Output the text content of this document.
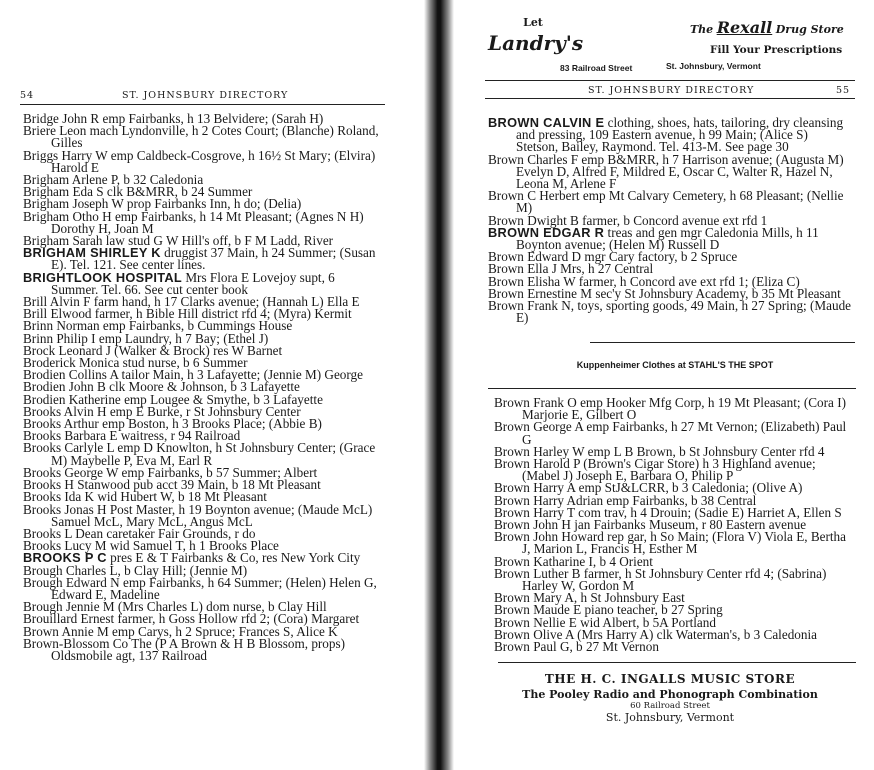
54	ST. JOHNSBURY DIRECTORY

Bridge John R emp Fairbanks, h 13 Belvidere; (Sarah H)

Briere Leon mach Lyndonville, h 2 Cotes Court; (Blanche) Roland, Gilles

Briggs Harry W emp Caldbeck-Cosgrove, h 16½ St Mary; (Elvira) Harold E

Brigham Arlene P, b 32 Caledonia

Brigham Eda S clk B&MRR, b 24 Summer

Brigham Joseph W prop Fairbanks Inn, h do; (Delia)

Brigham Otho H emp Fairbanks, h 14 Mt Pleasant; (Agnes N H) Dorothy H, Joan M

Brigham Sarah law stud G W Hill's off, b F M Ladd, River

BRIGHAM SHIRLEY K druggist 37 Main, h 24 Summer; (Susan E). Tel. 121. See center lines.

BRIGHTLOOK HOSPITAL Mrs Flora E Lovejoy supt, 6 Summer. Tel. 66. See cut center book

Brill Alvin F farm hand, h 17 Clarks avenue; (Hannah L) Ella E

Brill Elwood farmer, h Bible Hill district rfd 4; (Myra) Kermit

Brinn Norman emp Fairbanks, b Cummings House

Brinn Philip I emp Laundry, h 7 Bay; (Ethel J)

Brock Leonard J (Walker & Brock) res W Barnet

Broderick Monica stud nurse, b 6 Summer

Brodien Collins A tailor Main, h 3 Lafayette; (Jennie M) George

Brodien John B clk Moore & Johnson, b 3 Lafayette

Brodien Katherine emp Lougee & Smythe, b 3 Lafayette

Brooks Alvin H emp E Burke, r St Johnsbury Center

Brooks Arthur emp Boston, h 3 Brooks Place; (Abbie B)

Brooks Barbara E waitress, r 94 Railroad

Brooks Carlyle L emp D Knowlton, h St Johnsbury Center; (Grace M) Maybelle P, Eva M, Earl R

Brooks George W emp Fairbanks, b 57 Summer; Albert

Brooks H Stanwood pub acct 39 Main, b 18 Mt Pleasant

Brooks Ida K wid Hubert W, b 18 Mt Pleasant

Brooks Jonas H Post Master, h 19 Boynton avenue; (Maude McL) Samuel McL, Mary McL, Angus McL

Brooks L Dean caretaker Fair Grounds, r do

Brooks Lucy M wid Samuel T, h 1 Brooks Place

BROOKS P C pres E & T Fairbanks & Co, res New York City

Brough Charles L, b Clay Hill; (Jennie M)

Brough Edward N emp Fairbanks, h 64 Summer; (Helen) Helen G, Edward E, Madeline

Brough Jennie M (Mrs Charles L) dom nurse, b Clay Hill

Brouillard Ernest farmer, h Goss Hollow rfd 2; (Cora) Margaret

Brown Annie M emp Carys, h 2 Spruce; Frances S, Alice K

Brown-Blossom Co The (P A Brown & H B Blossom, props) Oldsmobile agt, 137 Railroad

Let
Landry's
83 Railroad Street
The Rexall Drug Store
Fill Your Prescriptions
St. Johnsbury, Vermont
ST. JOHNSBURY DIRECTORY	55

BROWN CALVIN E clothing, shoes, hats, tailoring, dry cleansing and pressing, 109 Eastern avenue, h 99 Main; (Alice S) Stetson, Bailey, Raymond. Tel. 413-M. See page 30

Brown Charles F emp B&MRR, h 7 Harrison avenue; (Augusta M) Evelyn D, Alfred F, Mildred E, Oscar C, Walter R, Hazel N, Leona M, Arlene F

Brown C Herbert emp Mt Calvary Cemetery, h 68 Pleasant; (Nellie M)

Brown Dwight B farmer, b Concord avenue ext rfd 1

BROWN EDGAR R treas and gen mgr Caledonia Mills, h 11 Boynton avenue; (Helen M) Russell D

Brown Edward D mgr Cary factory, b 2 Spruce

Brown Ella J Mrs, h 27 Central

Brown Elisha W farmer, h Concord ave ext rfd 1; (Eliza C)

Brown Ernestine M sec'y St Johnsbury Academy, b 35 Mt Pleasant

Brown Frank N, toys, sporting goods, 49 Main, h 27 Spring; (Maude E)

Kuppenheimer Clothes at STAHL'S THE SPOT

Brown Frank O emp Hooker Mfg Corp, h 19 Mt Pleasant; (Cora I) Marjorie E, Gilbert O

Brown George A emp Fairbanks, h 27 Mt Vernon; (Elizabeth) Paul G

Brown Harley W emp L B Brown, b St Johnsbury Center rfd 4

Brown Harold P (Brown's Cigar Store) h 3 Highland avenue; (Mabel J) Joseph E, Barbara O, Philip P

Brown Harry A emp StJ&LCRR, b 3 Caledonia; (Olive A)

Brown Harry Adrian emp Fairbanks, b 38 Central

Brown Harry T com trav, h 4 Drouin; (Sadie E) Harriet A, Ellen S

Brown John H jan Fairbanks Museum, r 80 Eastern avenue

Brown John Howard rep gar, h So Main; (Flora V) Viola E, Bertha J, Marion L, Francis H, Esther M

Brown Katharine I, b 4 Orient

Brown Luther B farmer, h St Johnsbury Center rfd 4; (Sabrina) Harley W, Gordon M

Brown Mary A, h St Johnsbury East

Brown Maude E piano teacher, b 27 Spring

Brown Nellie E wid Albert, b 5A Portland

Brown Olive A (Mrs Harry A) clk Waterman's, b 3 Caledonia

Brown Paul G, b 27 Mt Vernon

THE H. C. INGALLS MUSIC STORE
The Pooley Radio and Phonograph Combination
60 Railroad Street
St. Johnsbury, Vermont
